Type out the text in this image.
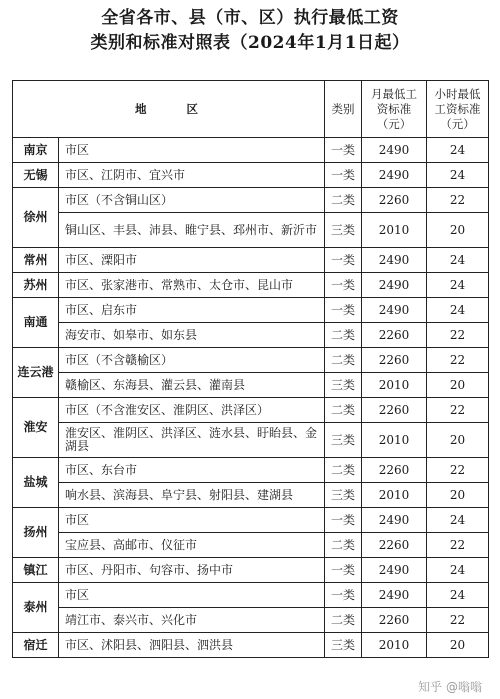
全省各市、县（市、区）执行最低工资
类别和标准对照表（2024年1月1日起）
地区		类别	月最低工资标准（元）	小时最低工资标准（元）
南京	市区	一类	2490	24
无锡	市区、江阴市、宜兴市	一类	2490	24
徐州	市区（不含铜山区）	二类	2260	22
	铜山区、丰县、沛县、睢宁县、邳州市、新沂市	三类	2010	20
常州	市区、溧阳市	一类	2490	24
苏州	市区、张家港市、常熟市、太仓市、昆山市	一类	2490	24
南通	市区、启东市	一类	2490	24
	海安市、如皋市、如东县	二类	2260	22
连云港	市区（不含赣榆区）	二类	2260	22
	赣榆区、东海县、灌云县、灌南县	三类	2010	20
淮安	市区（不含淮安区、淮阴区、洪泽区）	二类	2260	22
	淮安区、淮阴区、洪泽区、涟水县、盱眙县、金湖县	三类	2010	20
盐城	市区、东台市	二类	2260	22
	响水县、滨海县、阜宁县、射阳县、建湖县	三类	2010	20
扬州	市区	一类	2490	24
	宝应县、高邮市、仪征市	二类	2260	22
镇江	市区、丹阳市、句容市、扬中市	一类	2490	24
泰州	市区	一类	2490	24
	靖江市、泰兴市、兴化市	二类	2260	22
宿迁	市区、沭阳县、泗阳县、泗洪县	三类	2010	20
知乎 @嗡嗡
